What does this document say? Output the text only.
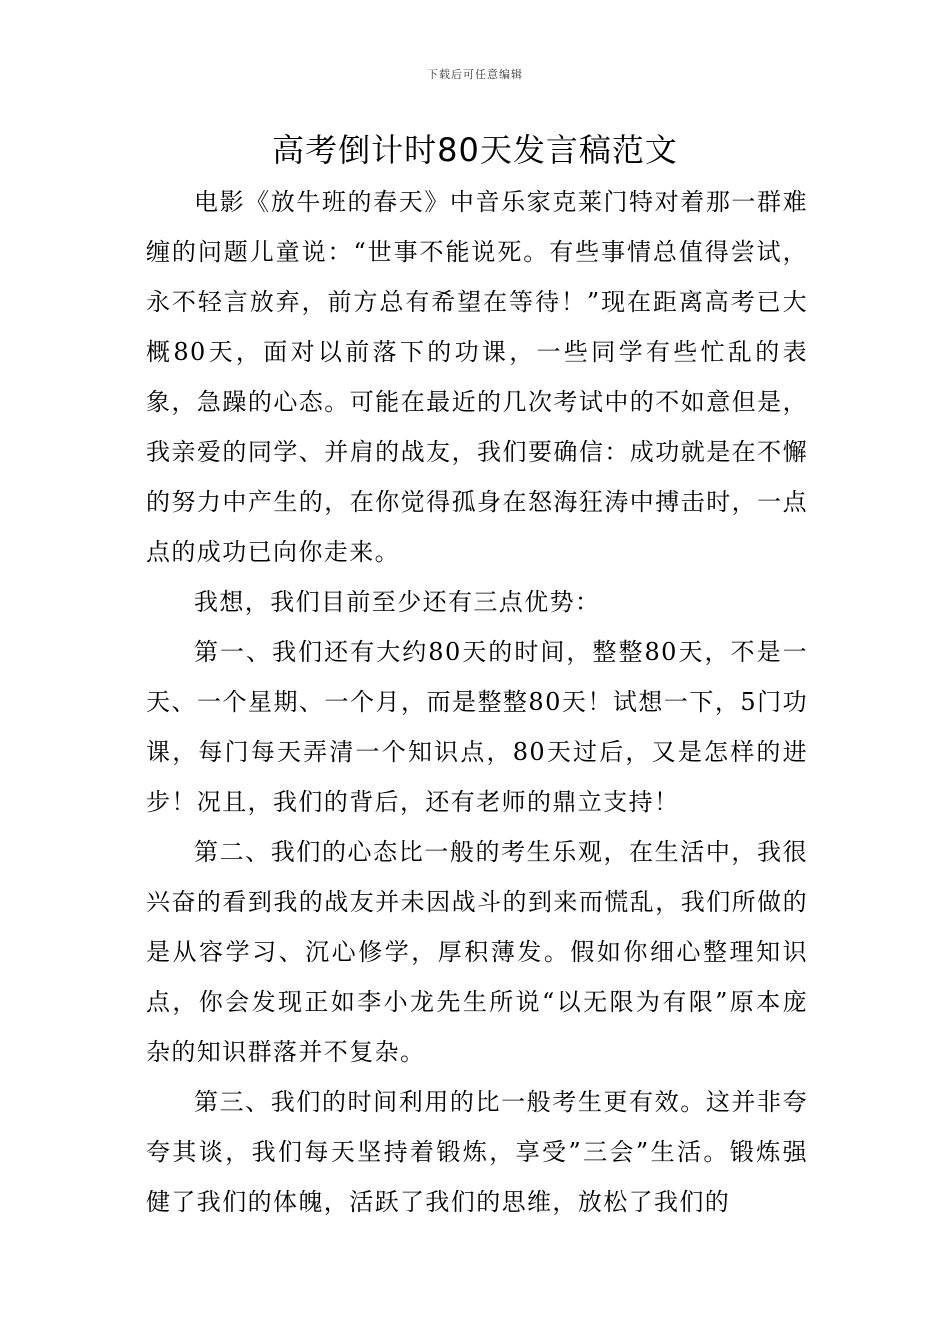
下载后可任意编辑
高考倒计时80天发言稿范文

电影《放牛班的春天》中音乐家克莱门特对着那一群难缠的问题儿童说：“世事不能说死。有些事情总值得尝试，永不轻言放弃，前方总有希望在等待！”现在距离高考已大概80天，面对以前落下的功课，一些同学有些忙乱的表象，急躁的心态。可能在最近的几次考试中的不如意但是，我亲爱的同学、并肩的战友，我们要确信：成功就是在不懈的努力中产生的，在你觉得孤身在怒海狂涛中搏击时，一点点的成功已向你走来。

我想，我们目前至少还有三点优势：

第一、我们还有大约80天的时间，整整80天，不是一天、一个星期、一个月，而是整整80天！试想一下，5门功课，每门每天弄清一个知识点，80天过后，又是怎样的进步！况且，我们的背后，还有老师的鼎立支持！

第二、我们的心态比一般的考生乐观，在生活中，我很兴奋的看到我的战友并未因战斗的到来而慌乱，我们所做的是从容学习、沉心修学，厚积薄发。假如你细心整理知识点，你会发现正如李小龙先生所说“以无限为有限”原本庞杂的知识群落并不复杂。

第三、我们的时间利用的比一般考生更有效。这并非夸夸其谈，我们每天坚持着锻炼，享受”三会”生活。锻炼强健了我们的体魄，活跃了我们的思维，放松了我们的
